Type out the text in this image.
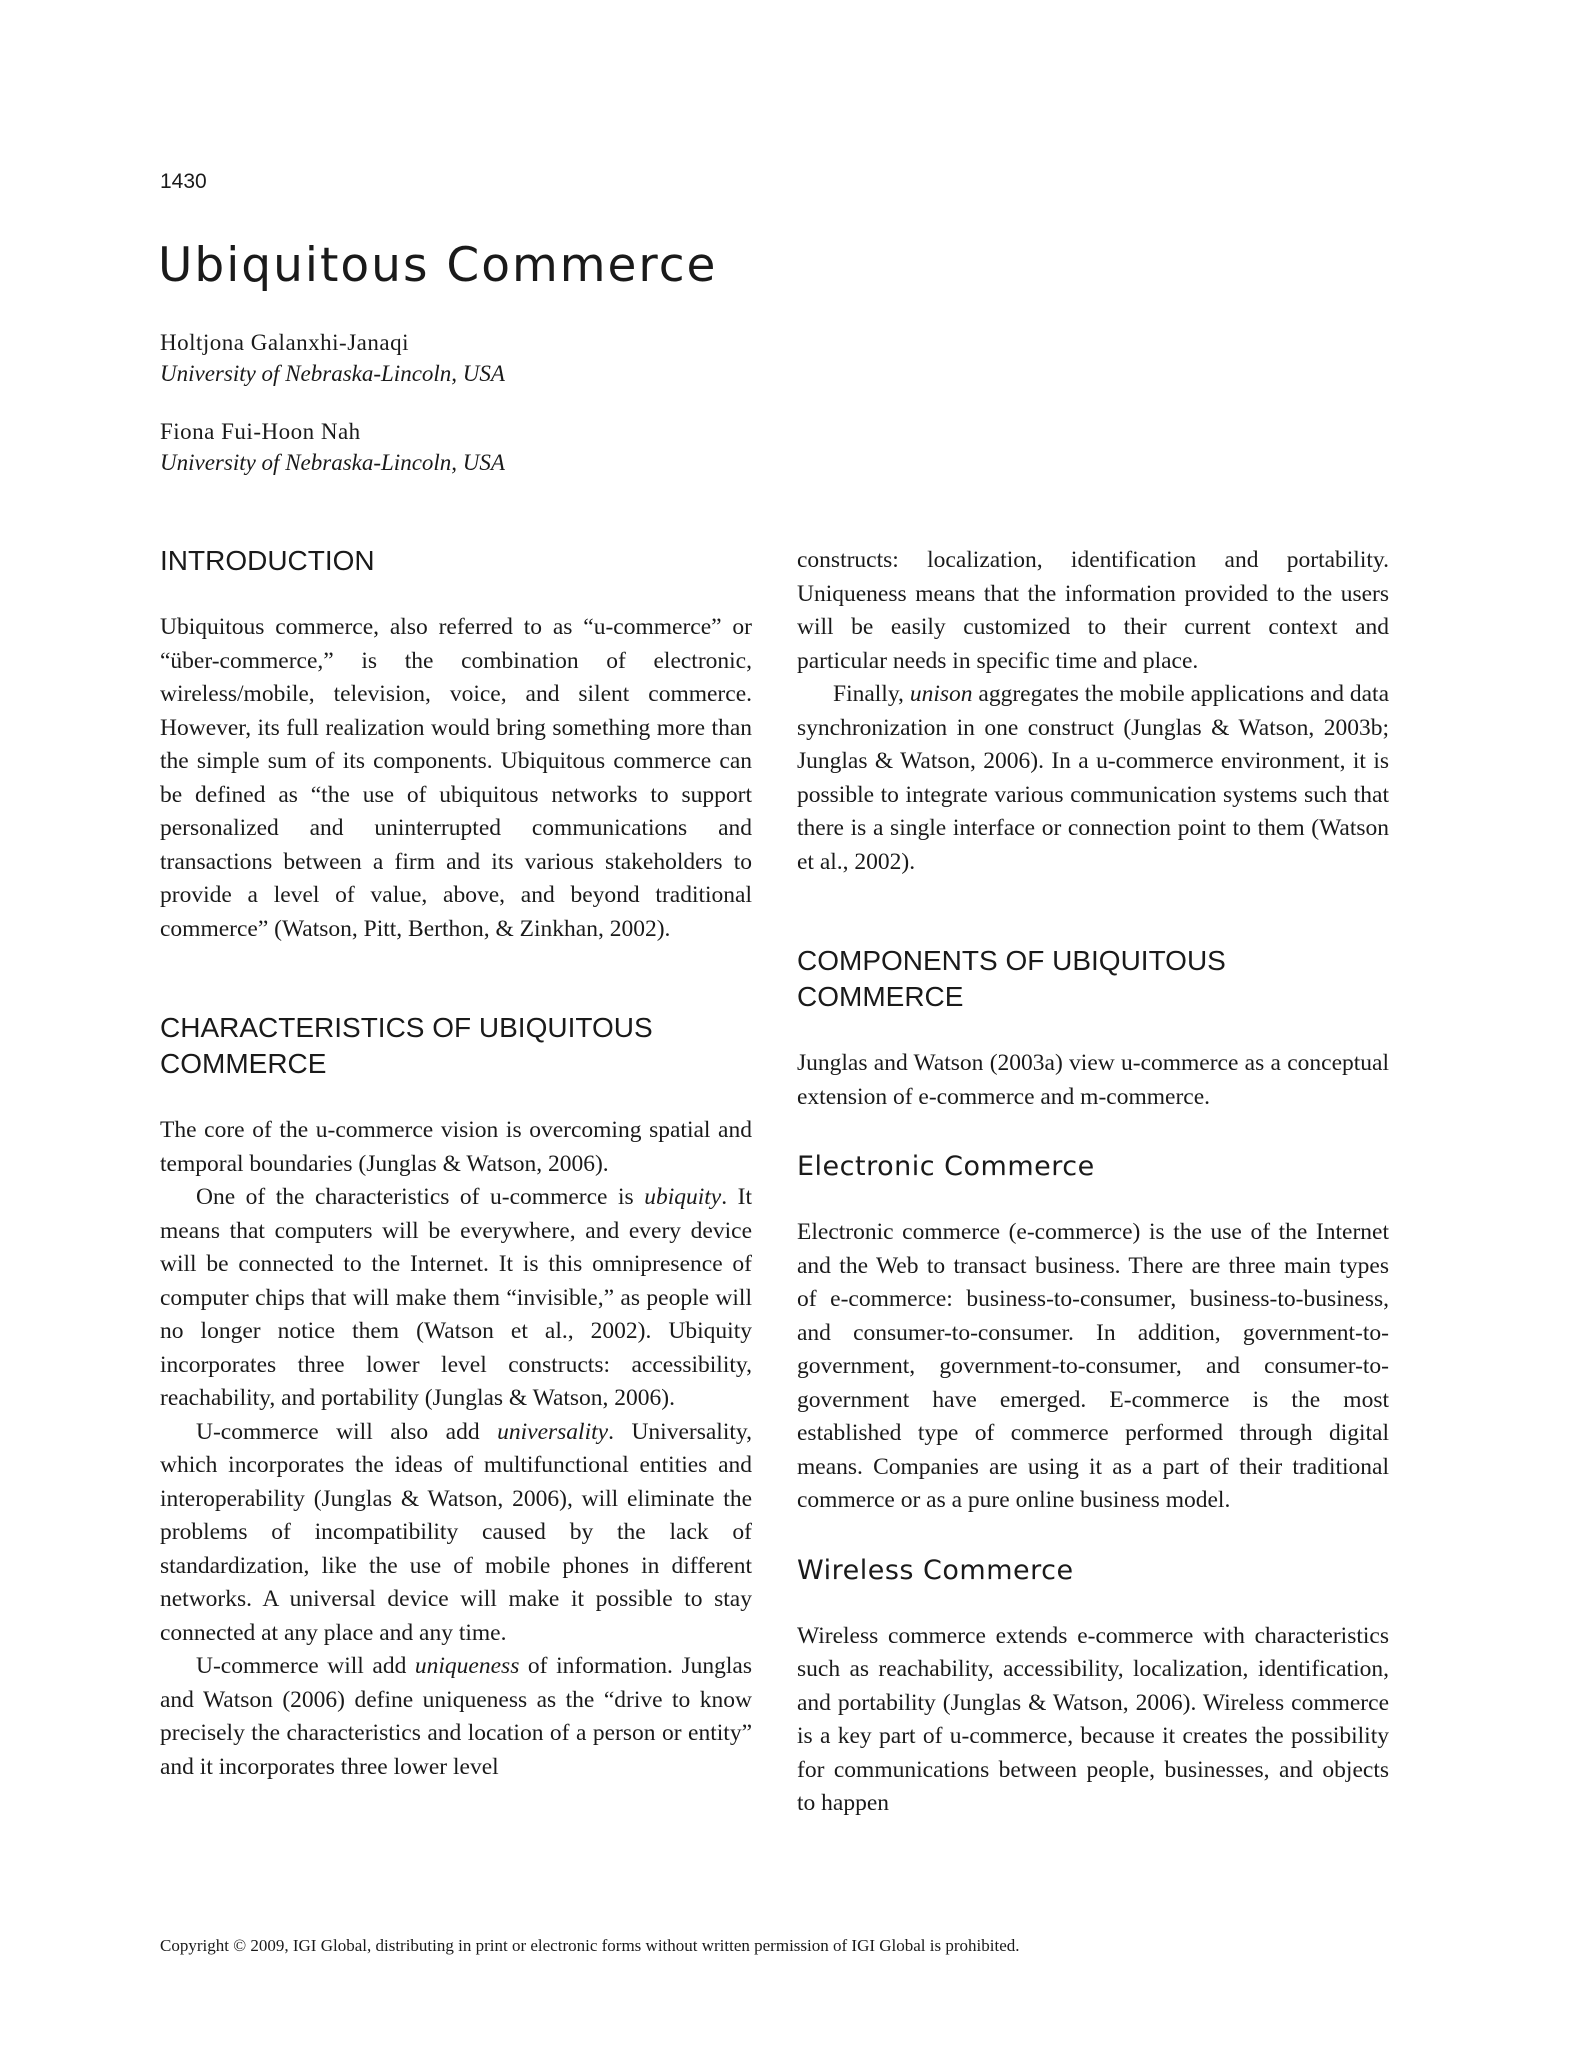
1430
Ubiquitous Commerce
Holtjona Galanxhi-Janaqi
University of Nebraska-Lincoln, USA
Fiona Fui-Hoon Nah
University of Nebraska-Lincoln, USA
INTRODUCTION

Ubiquitous commerce, also referred to as “u-commerce” or “über-commerce,” is the combination of electronic, wireless/mobile, television, voice, and silent commerce. However, its full realization would bring something more than the simple sum of its components. Ubiquitous commerce can be defined as “the use of ubiquitous networks to support personalized and uninterrupted communications and transactions between a firm and its various stakeholders to provide a level of value, above, and beyond traditional commerce” (Watson, Pitt, Berthon, & Zinkhan, 2002).

CHARACTERISTICS OF UBIQUITOUS COMMERCE

The core of the u-commerce vision is overcoming spatial and temporal boundaries (Junglas & Watson, 2006).

One of the characteristics of u-commerce is ubiquity. It means that computers will be everywhere, and every device will be connected to the Internet. It is this omnipresence of computer chips that will make them “invisible,” as people will no longer notice them (Watson et al., 2002). Ubiquity incorporates three lower level constructs: accessibility, reachability, and portability (Junglas & Watson, 2006).

U-commerce will also add universality. Universality, which incorporates the ideas of multifunctional entities and interoperability (Junglas & Watson, 2006), will eliminate the problems of incompatibility caused by the lack of standardization, like the use of mobile phones in different networks. A universal device will make it possible to stay connected at any place and any time.

U-commerce will add uniqueness of information. Junglas and Watson (2006) define uniqueness as the “drive to know precisely the characteristics and location of a person or entity” and it incorporates three lower level

constructs: localization, identification and portability. Uniqueness means that the information provided to the users will be easily customized to their current context and particular needs in specific time and place.

Finally, unison aggregates the mobile applications and data synchronization in one construct (Junglas & Watson, 2003b; Junglas & Watson, 2006). In a u-commerce environment, it is possible to integrate various communication systems such that there is a single interface or connection point to them (Watson et al., 2002).

COMPONENTS OF UBIQUITOUS COMMERCE

Junglas and Watson (2003a) view u-commerce as a conceptual extension of e-commerce and m-commerce.

Electronic Commerce

Electronic commerce (e-commerce) is the use of the Internet and the Web to transact business. There are three main types of e-commerce: business-to-consumer, business-to-business, and consumer-to-consumer. In addition, government-to-government, government-to-consumer, and consumer-to-government have emerged. E-commerce is the most established type of commerce performed through digital means. Companies are using it as a part of their traditional commerce or as a pure online business model.

Wireless Commerce

Wireless commerce extends e-commerce with characteristics such as reachability, accessibility, localization, identification, and portability (Junglas & Watson, 2006). Wireless commerce is a key part of u-commerce, because it creates the possibility for communications between people, businesses, and objects to happen

Copyright © 2009, IGI Global, distributing in print or electronic forms without written permission of IGI Global is prohibited.
